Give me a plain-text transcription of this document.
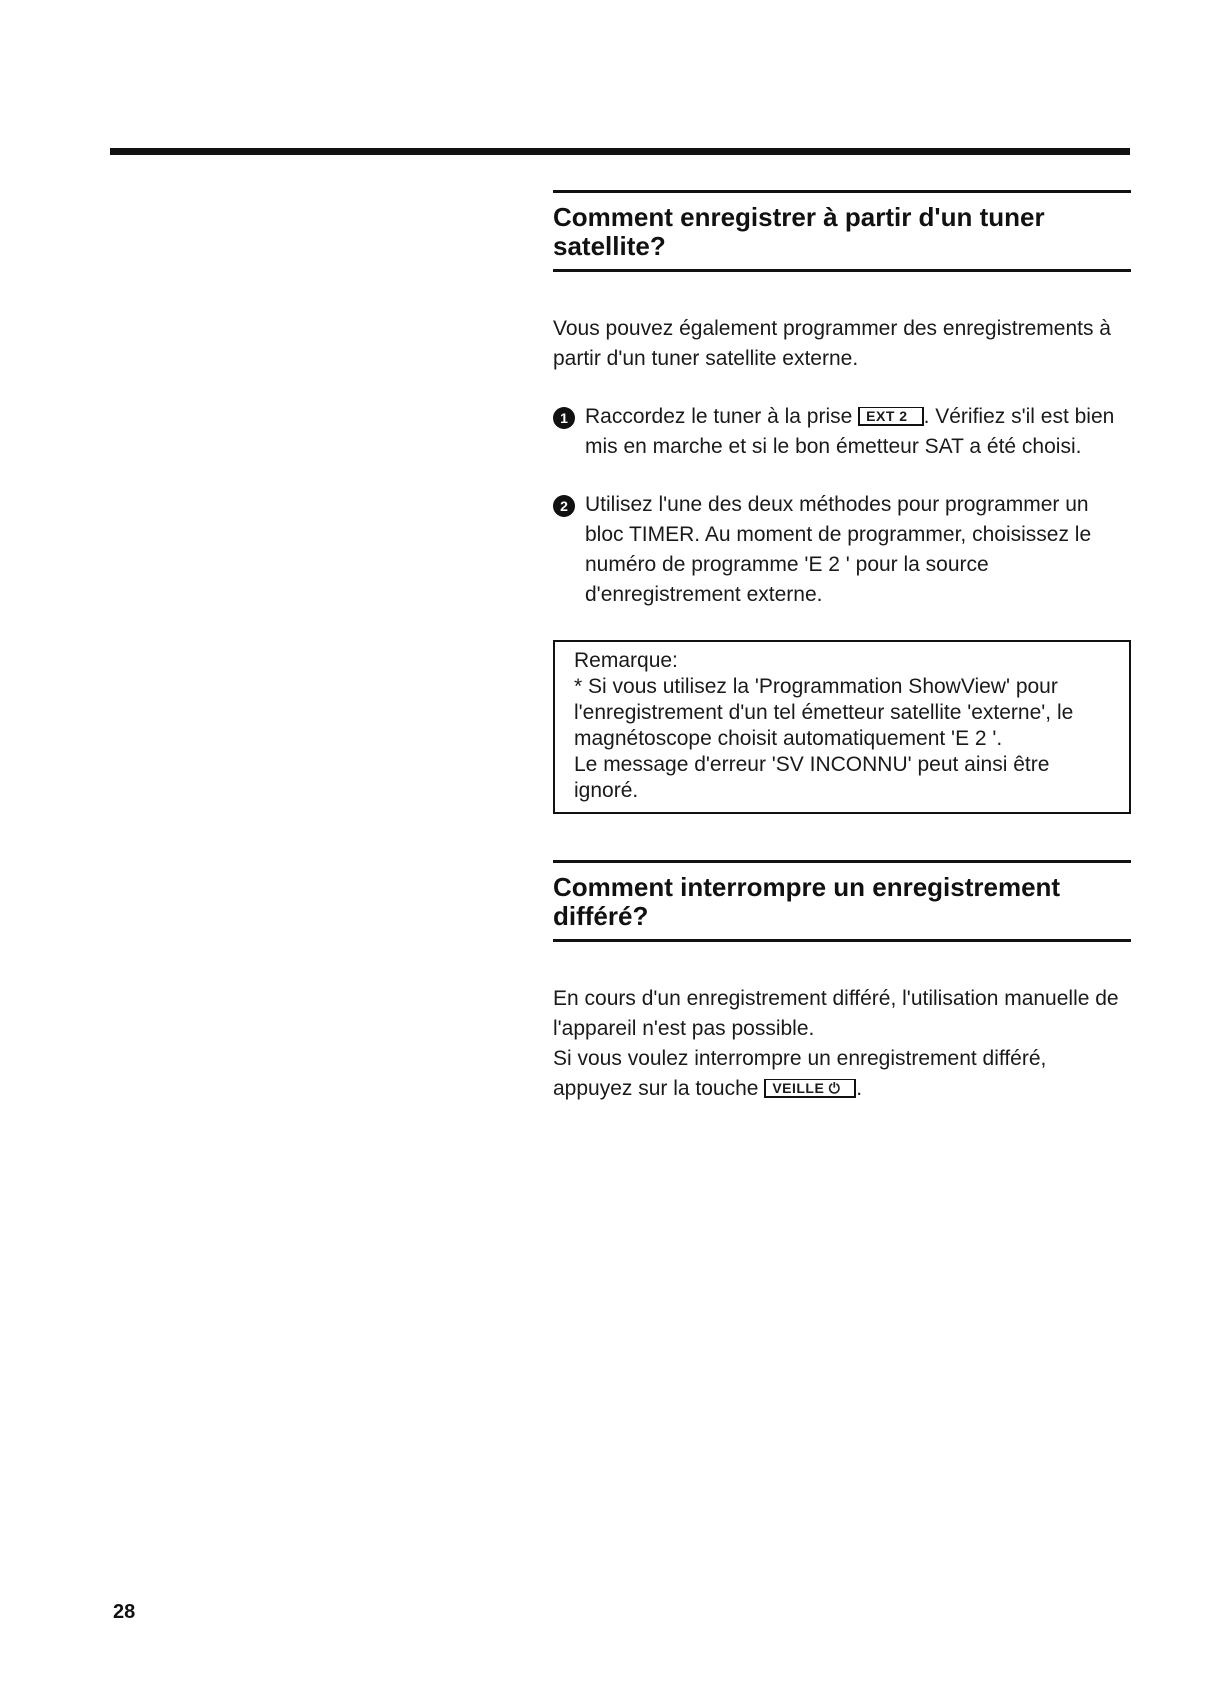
Comment enregistrer à partir d'un tuner satellite?

Vous pouvez également programmer des enregistrements à partir d'un tuner satellite externe.

1 Raccordez le tuner à la prise EXT 2 . Vérifiez s'il est bien mis en marche et si le bon émetteur SAT a été choisi.
2 Utilisez l'une des deux méthodes pour programmer un bloc TIMER. Au moment de programmer, choisissez le numéro de programme 'E 2 ' pour la source d'enregistrement externe.
Remarque:
* Si vous utilisez la 'Programmation ShowView' pour l'enregistrement d'un tel émetteur satellite 'externe', le magnétoscope choisit automatiquement 'E 2 '.
Le message d'erreur 'SV INCONNU' peut ainsi être ignoré.
Comment interrompre un enregistrement différé?

En cours d'un enregistrement différé, l'utilisation manuelle de l'appareil n'est pas possible.

Si vous voulez interrompre un enregistrement différé, appuyez sur la touche VEILLE ⏻ .

28
